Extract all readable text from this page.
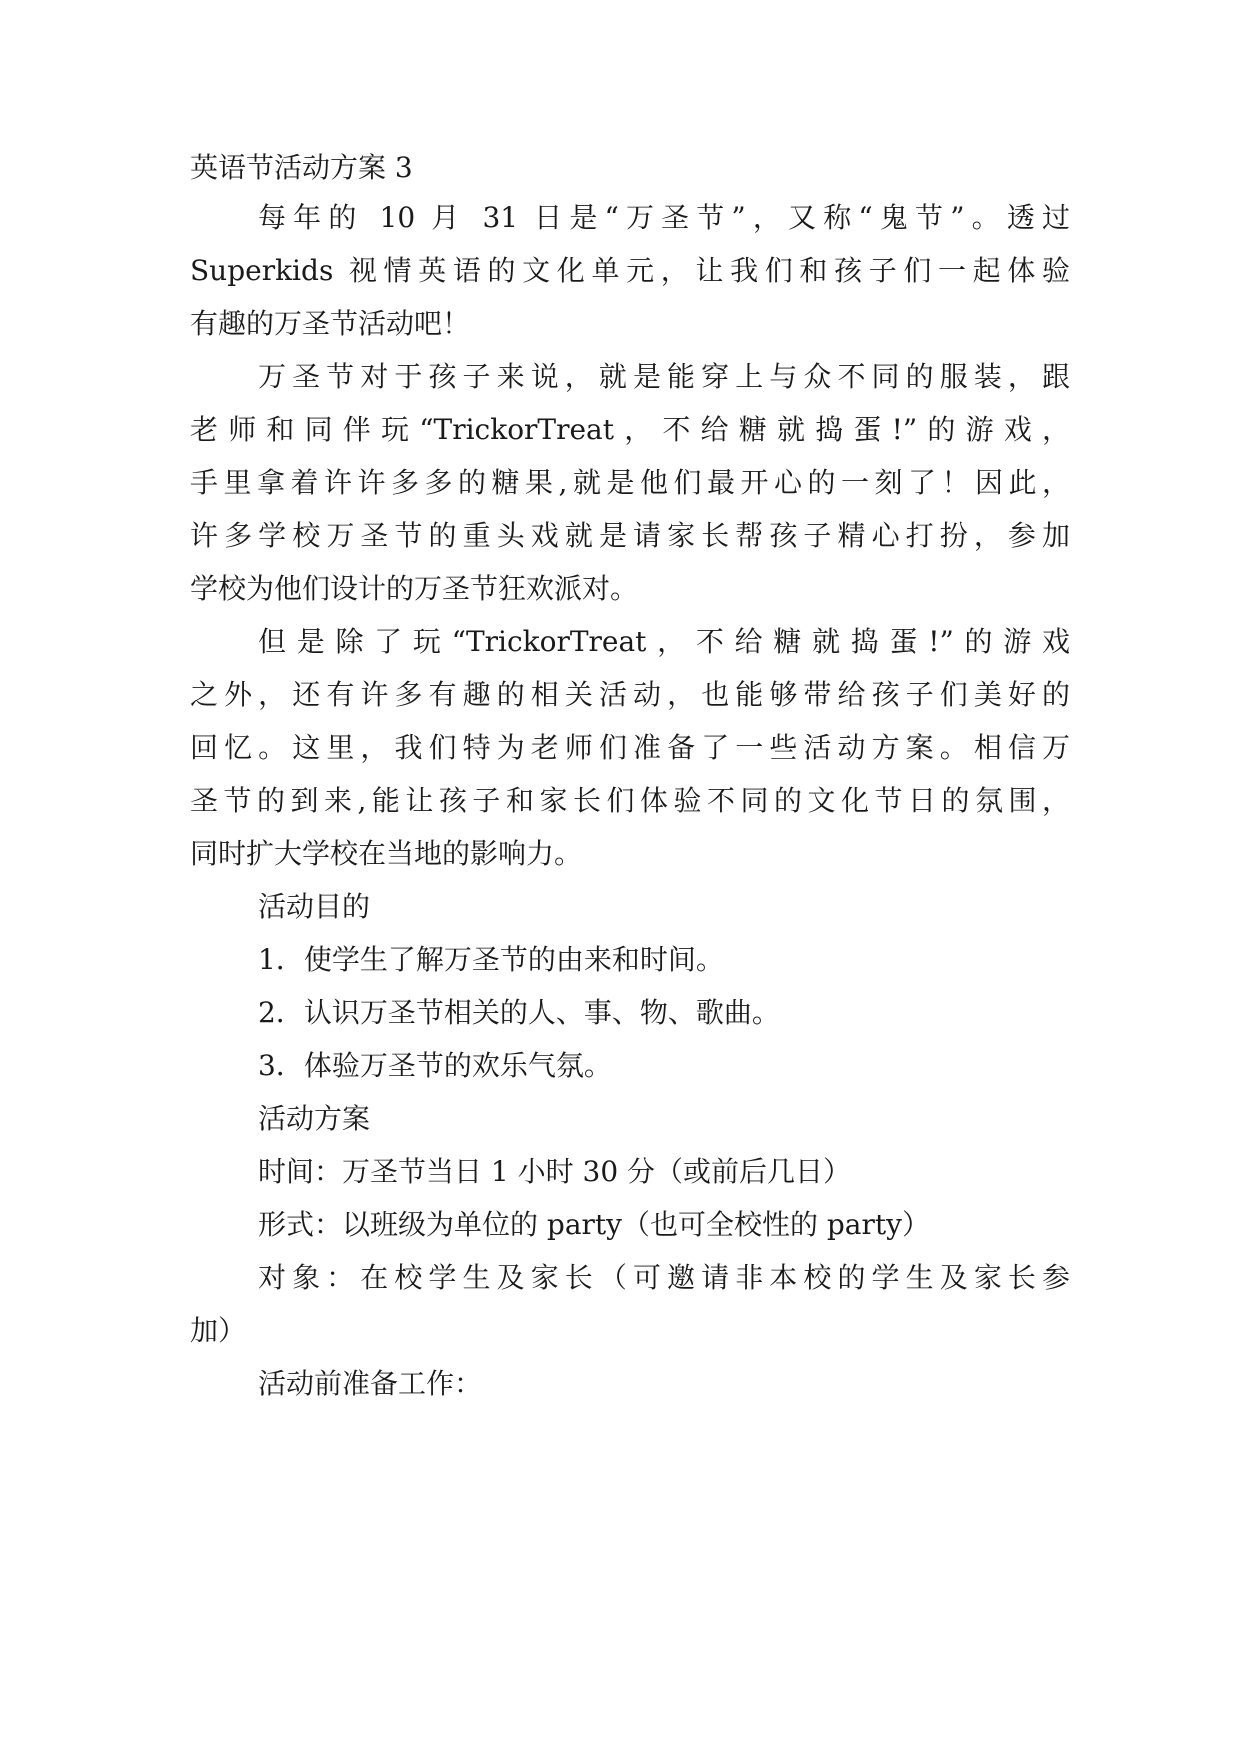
英语节活动方案 3
每年的 10 月 31 日是“万圣节”，又称“鬼节”。透过
Superkids 视情英语的文化单元，让我们和孩子们一起体验
有趣的万圣节活动吧！
万圣节对于孩子来说，就是能穿上与众不同的服装，跟
老师和同伴玩“TrickorTreat，不给糖就捣蛋!”的游戏，
手里拿着许许多多的糖果,就是他们最开心的一刻了！因此，
许多学校万圣节的重头戏就是请家长帮孩子精心打扮，参加
学校为他们设计的万圣节狂欢派对。
但是除了玩“TrickorTreat，不给糖就捣蛋!”的游戏
之外，还有许多有趣的相关活动，也能够带给孩子们美好的
回忆。这里，我们特为老师们准备了一些活动方案。相信万
圣节的到来,能让孩子和家长们体验不同的文化节日的氛围，
同时扩大学校在当地的影响力。
活动目的
1．使学生了解万圣节的由来和时间。
2．认识万圣节相关的人、事、物、歌曲。
3．体验万圣节的欢乐气氛。
活动方案
时间：万圣节当日 1 小时 30 分（或前后几日）
形式：以班级为单位的 party（也可全校性的 party）
对象：在校学生及家长（可邀请非本校的学生及家长参
加）
活动前准备工作：
